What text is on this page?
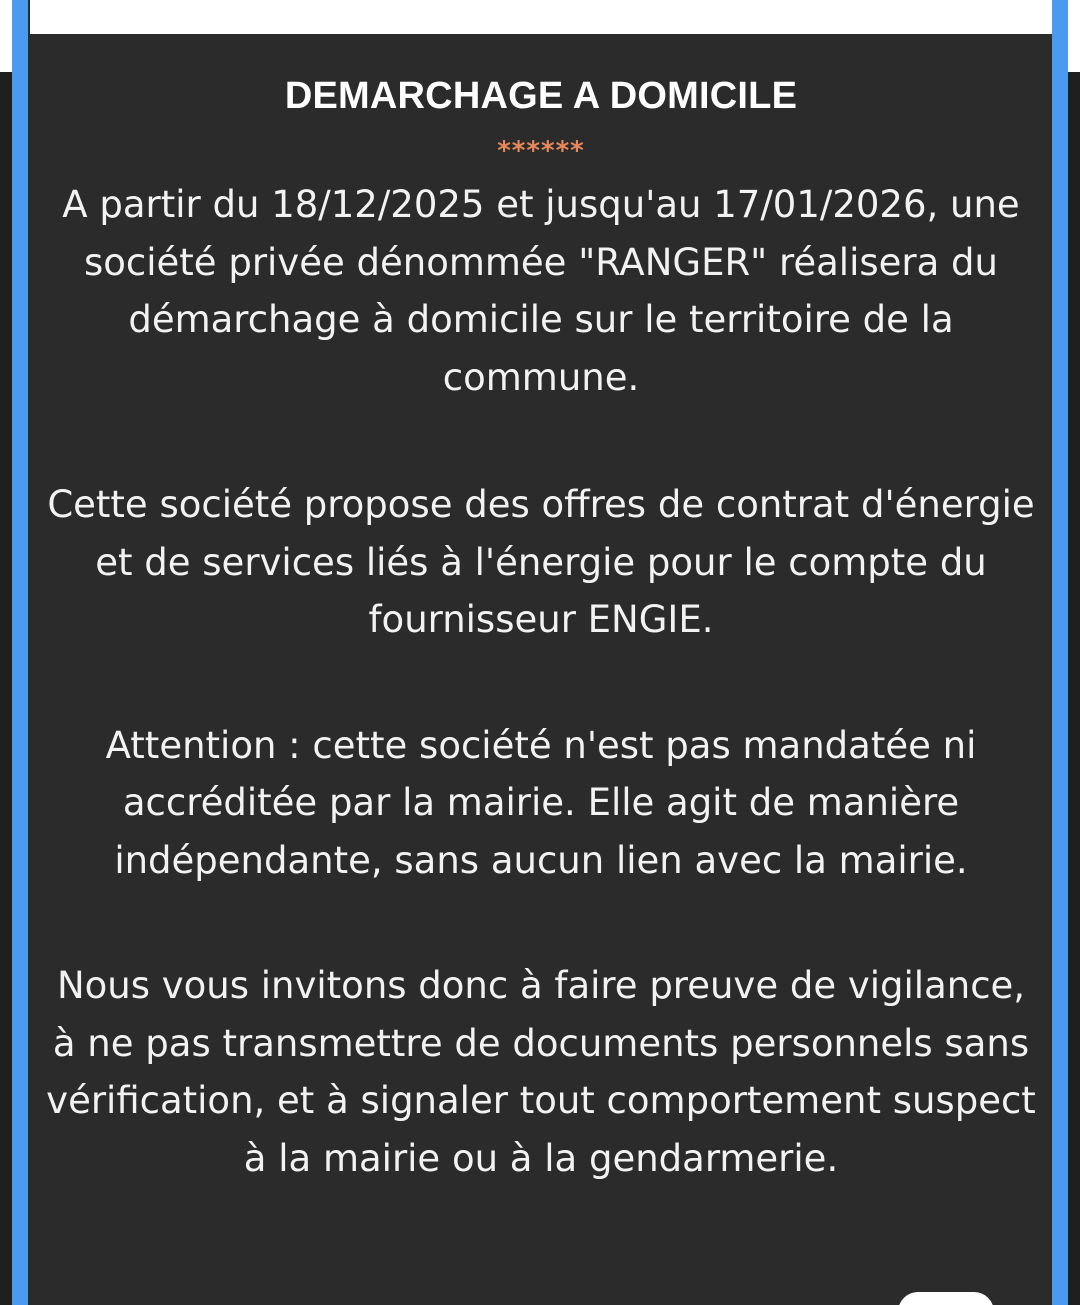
DEMARCHAGE A DOMICILE
******
A partir du 18/12/2025 et jusqu'au 17/01/2026, une société privée dénommée "RANGER" réalisera du démarchage à domicile sur le territoire de la commune.
Cette société propose des offres de contrat d'énergie et de services liés à l'énergie pour le compte du fournisseur ENGIE.
Attention : cette société n'est pas mandatée ni accréditée par la mairie. Elle agit de manière indépendante, sans aucun lien avec la mairie.
Nous vous invitons donc à faire preuve de vigilance, à ne pas transmettre de documents personnels sans vérification, et à signaler tout comportement suspect à la mairie ou à la gendarmerie.
